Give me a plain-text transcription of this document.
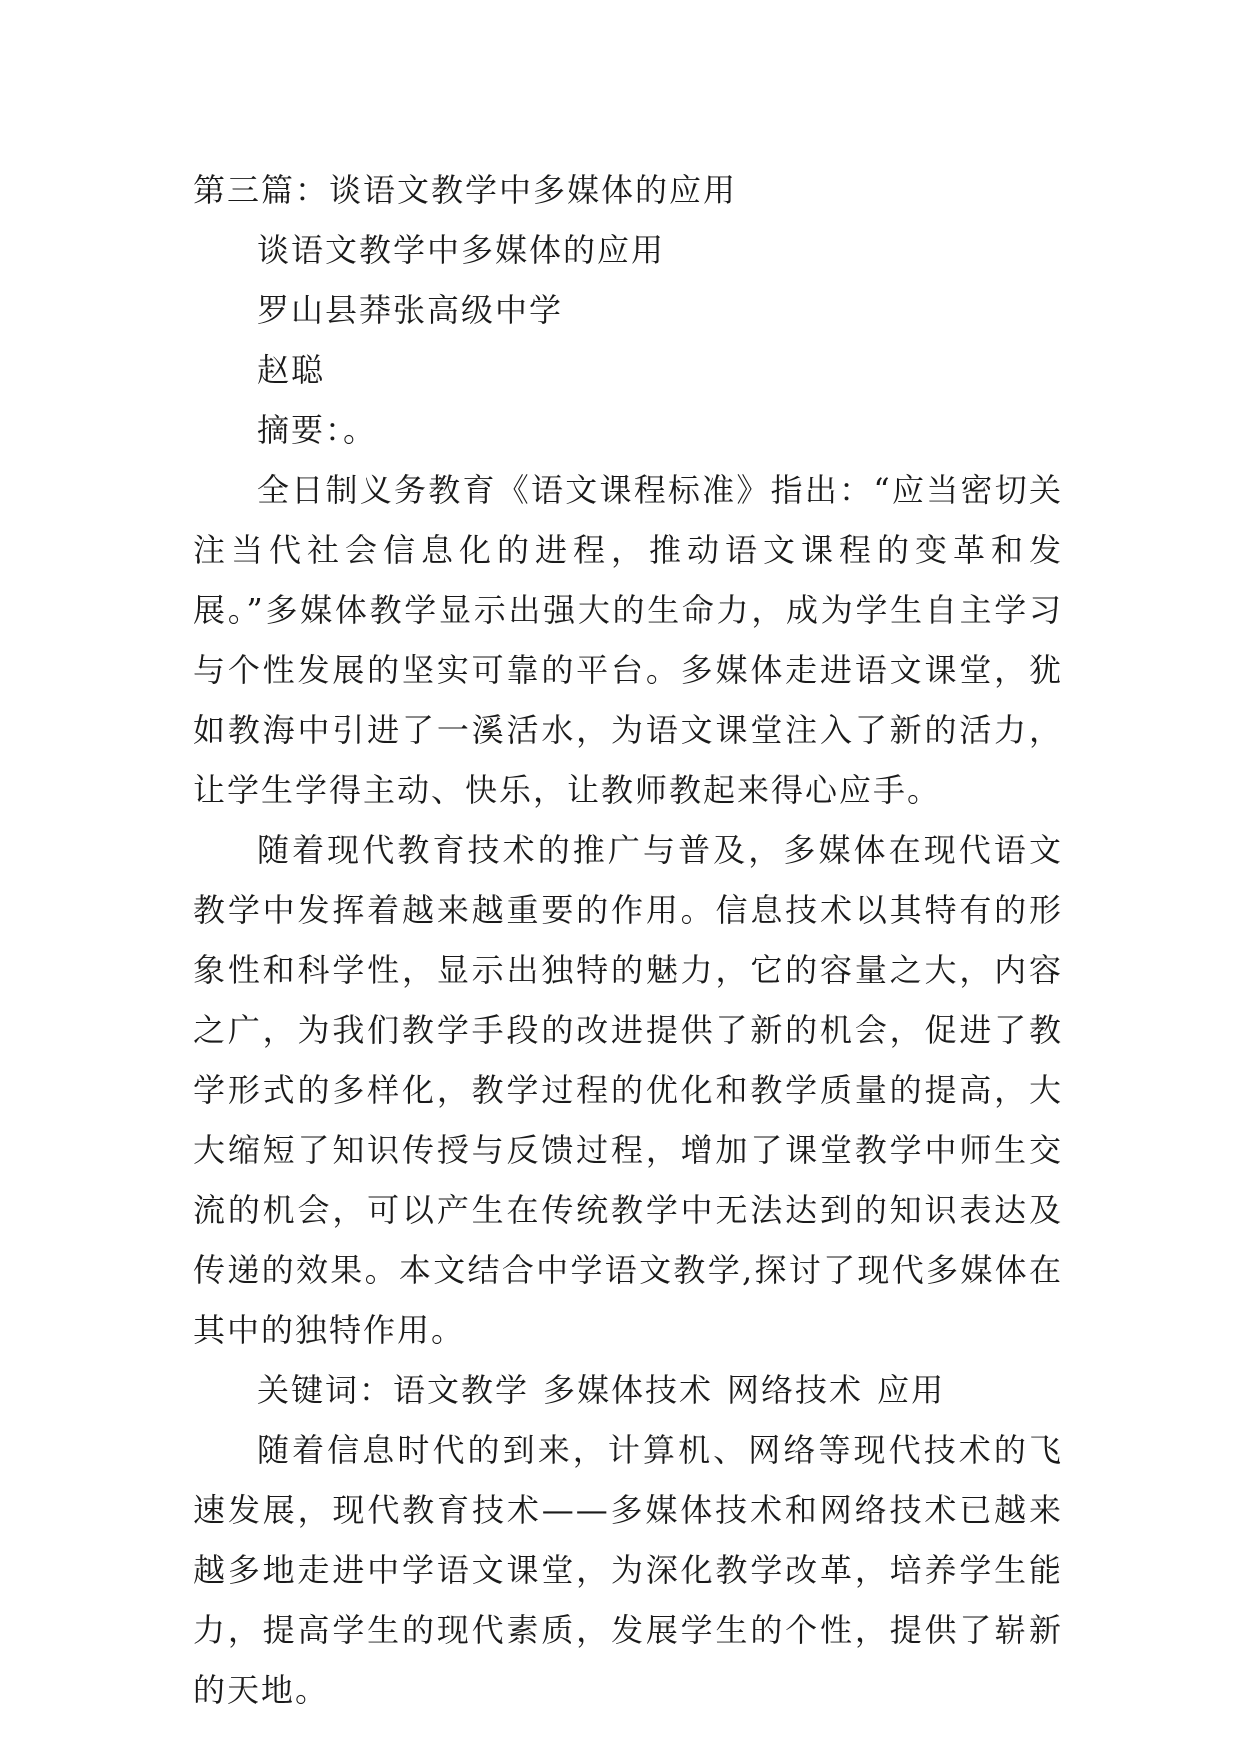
第三篇：谈语文教学中多媒体的应用

谈语文教学中多媒体的应用

罗山县莽张高级中学

赵聪

摘要：。

全日制义务教育《语文课程标准》指出：“应当密切关注当代社会信息化的进程，推动语文课程的变革和发展。”多媒体教学显示出强大的生命力，成为学生自主学习与个性发展的坚实可靠的平台。多媒体走进语文课堂，犹如教海中引进了一溪活水，为语文课堂注入了新的活力，让学生学得主动、快乐，让教师教起来得心应手。

随着现代教育技术的推广与普及，多媒体在现代语文教学中发挥着越来越重要的作用。信息技术以其特有的形象性和科学性，显示出独特的魅力，它的容量之大，内容之广，为我们教学手段的改进提供了新的机会，促进了教学形式的多样化，教学过程的优化和教学质量的提高，大大缩短了知识传授与反馈过程，增加了课堂教学中师生交流的机会，可以产生在传统教学中无法达到的知识表达及传递的效果。本文结合中学语文教学,探讨了现代多媒体在其中的独特作用。

关键词：语文教学 多媒体技术 网络技术 应用

随着信息时代的到来，计算机、网络等现代技术的飞速发展，现代教育技术——多媒体技术和网络技术已越来越多地走进中学语文课堂，为深化教学改革，培养学生能力，提高学生的现代素质，发展学生的个性，提供了崭新的天地。
